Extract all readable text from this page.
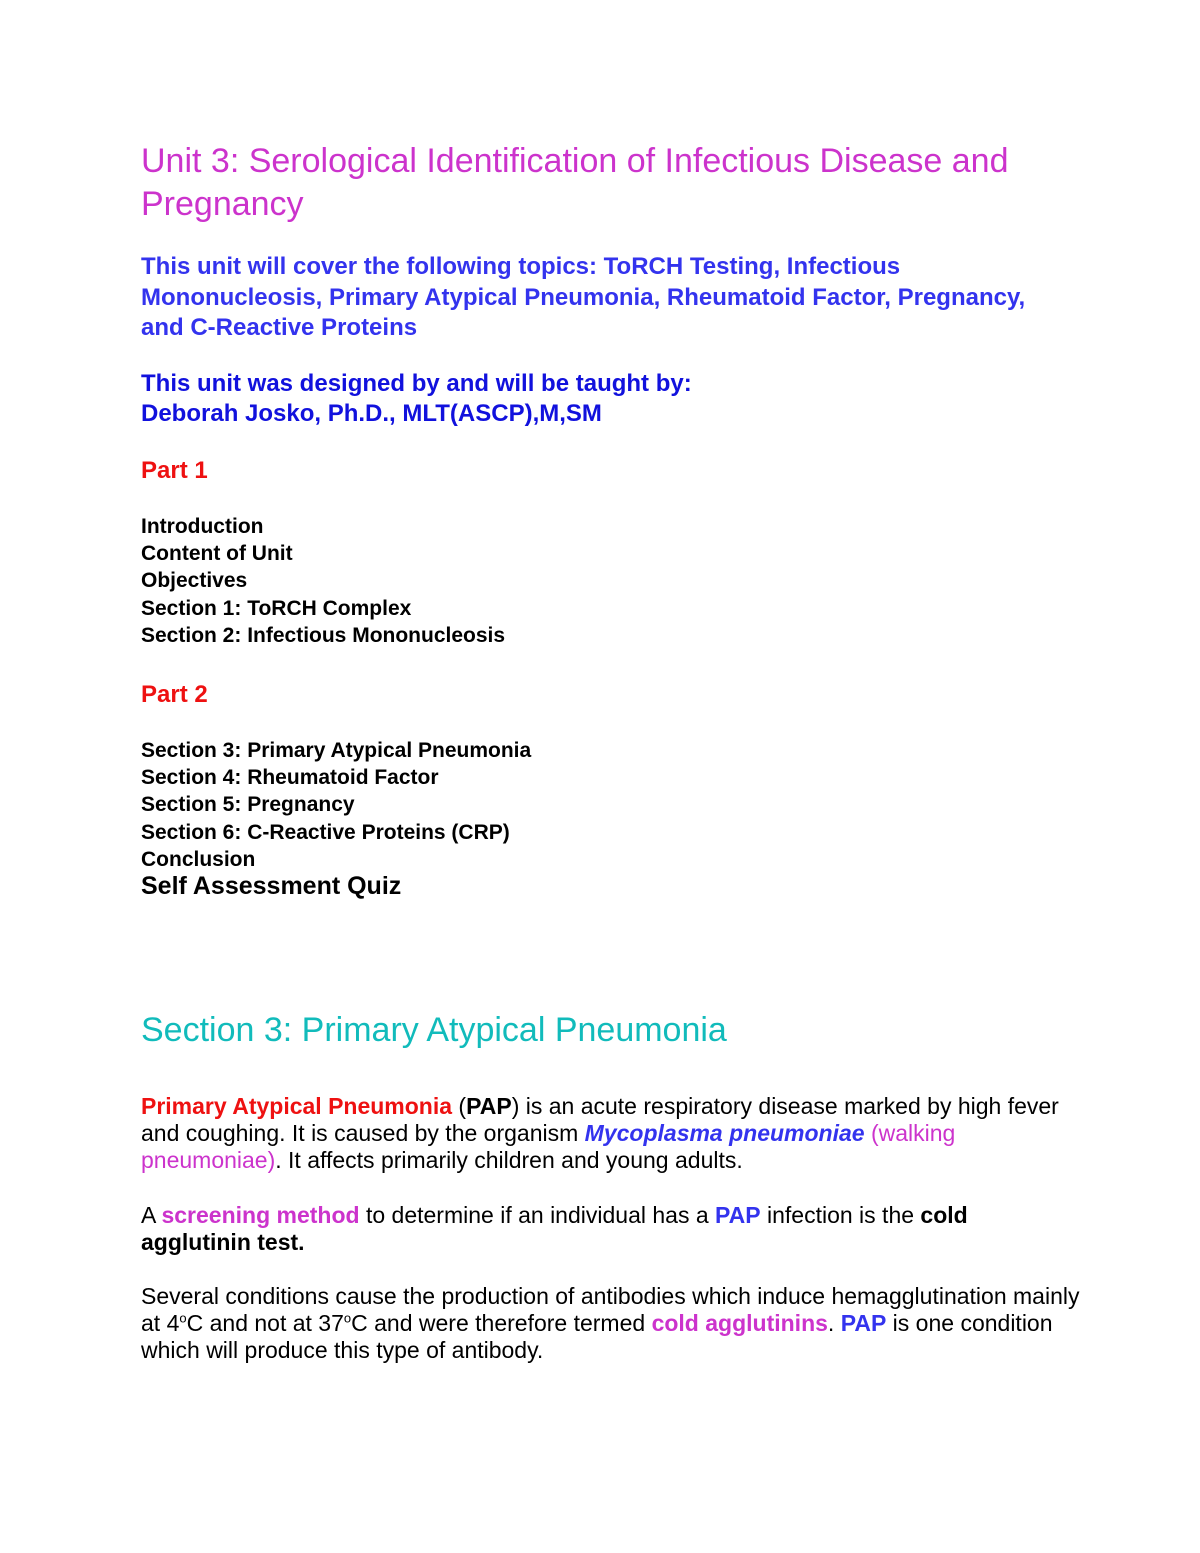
Unit 3: Serological Identification of Infectious Disease and Pregnancy
This unit will cover the following topics: ToRCH Testing, Infectious Mononucleosis, Primary Atypical Pneumonia, Rheumatoid Factor, Pregnancy, and C-Reactive Proteins
This unit was designed by and will be taught by:
Deborah Josko, Ph.D., MLT(ASCP),M,SM
Part 1
Introduction
Content of Unit
Objectives
Section 1: ToRCH Complex
Section 2: Infectious Mononucleosis
Part 2
Section 3: Primary Atypical Pneumonia
Section 4: Rheumatoid Factor
Section 5: Pregnancy
Section 6: C-Reactive Proteins (CRP)
Conclusion
Self Assessment Quiz
Section 3: Primary Atypical Pneumonia

Primary Atypical Pneumonia (PAP) is an acute respiratory disease marked by high fever and coughing. It is caused by the organism Mycoplasma pneumoniae (walking pneumoniae). It affects primarily children and young adults.

A screening method to determine if an individual has a PAP infection is the cold agglutinin test.

Several conditions cause the production of antibodies which induce hemagglutination mainly at 4$^o$C and not at 37$^o$C and were therefore termed cold agglutinins. PAP is one condition which will produce this type of antibody.
